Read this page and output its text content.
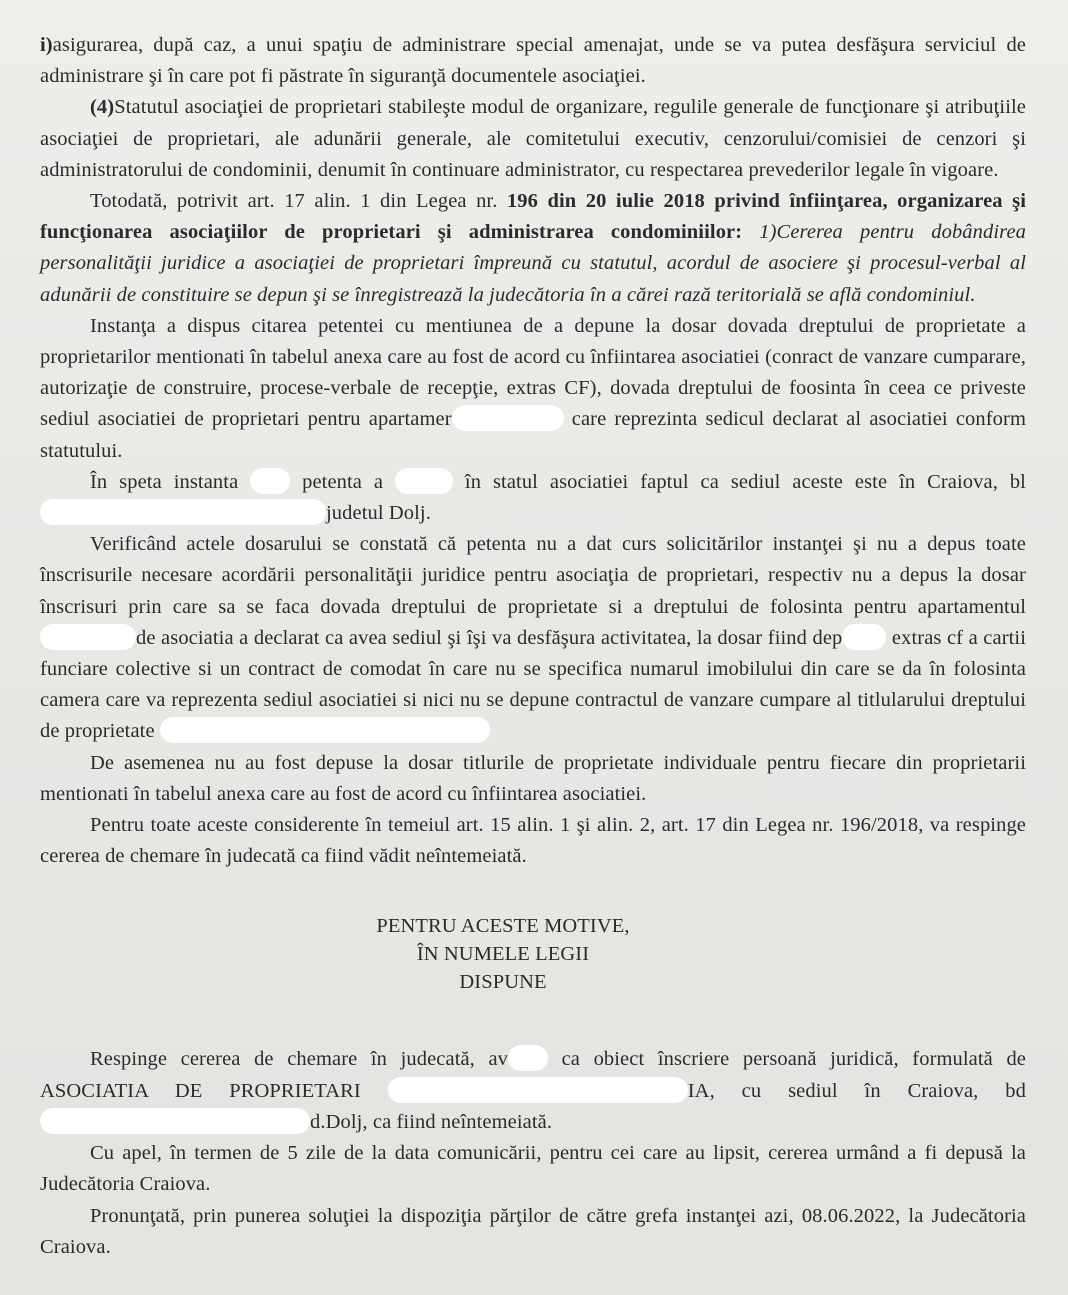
i)asigurarea, după caz, a unui spaţiu de administrare special amenajat, unde se va putea desfăşura serviciul de administrare şi în care pot fi păstrate în siguranţă documentele asociaţiei.

(4)Statutul asociaţiei de proprietari stabileşte modul de organizare, regulile generale de funcţionare şi atribuţiile asociaţiei de proprietari, ale adunării generale, ale comitetului executiv, cenzorului/comisiei de cenzori şi administratorului de condominii, denumit în continuare administrator, cu respectarea prevederilor legale în vigoare.

Totodată, potrivit art. 17 alin. 1 din Legea nr. 196 din 20 iulie 2018 privind înfiinţarea, organizarea şi funcţionarea asociaţiilor de proprietari şi administrarea condominiilor: 1)Cererea pentru dobândirea personalităţii juridice a asociaţiei de proprietari împreună cu statutul, acordul de asociere şi procesul-verbal al adunării de constituire se depun şi se înregistrează la judecătoria în a cărei rază teritorială se află condominiul.

Instanţa a dispus citarea petentei cu mentiunea de a depune la dosar dovada dreptului de proprietate a proprietarilor mentionati în tabelul anexa care au fost de acord cu înfiintarea asociatiei (conract de vanzare cumparare, autorizaţie de construire, procese-verbale de recepţie, extras CF), dovada dreptului de foosinta în ceea ce priveste sediul asociatiei de proprietari pentru apartamer	care reprezinta sedicul declarat al asociatiei conform statutului.

În speta instanta  petenta a	în statul asociatiei faptul ca sediul aceste este în Craiova, bljudetul Dolj.

Verificând actele dosarului se constată că petenta nu a dat curs solicitărilor instanţei şi nu a depus toate înscrisurile necesare acordării personalităţii juridice pentru asociaţia de proprietari, respectiv nu a depus la dosar înscrisuri prin care sa se faca dovada dreptului de proprietate si a dreptului de folosinta pentru apartamentulde asociatia a declarat ca avea sediul şi îşi va desfăşura activitatea, la dosar fiind dep extras cf a cartii funciare colective si un contract de comodat în care nu se specifica numarul imobilului din care se da în folosinta camera care va reprezenta sediul asociatiei si nici nu se depune contractul de vanzare cumpare al titlularului dreptului de proprietate

De asemenea nu au fost depuse la dosar titlurile de proprietate individuale pentru fiecare din proprietarii mentionati în tabelul anexa care au fost de acord cu înfiintarea asociatiei.

Pentru toate aceste considerente în temeiul art. 15 alin. 1 şi alin. 2, art. 17 din Legea nr. 196/2018, va respinge cererea de chemare în judecată ca fiind vădit neîntemeiată.

PENTRU ACESTE MOTIVE,

ÎN NUMELE LEGII

DISPUNE

Respinge cererea de chemare în judecată, av ca obiect înscriere persoană juridică, formulată de ASOCIATIA DE PROPRIETARI	IA, cu sediul în Craiova, bdd.Dolj, ca fiind neîntemeiată.

Cu apel, în termen de 5 zile de la data comunicării, pentru cei care au lipsit, cererea urmând a fi depusă la Judecătoria Craiova.

Pronunţată, prin punerea soluţiei la dispoziţia părţilor de către grefa instanţei azi, 08.06.2022, la Judecătoria Craiova.
